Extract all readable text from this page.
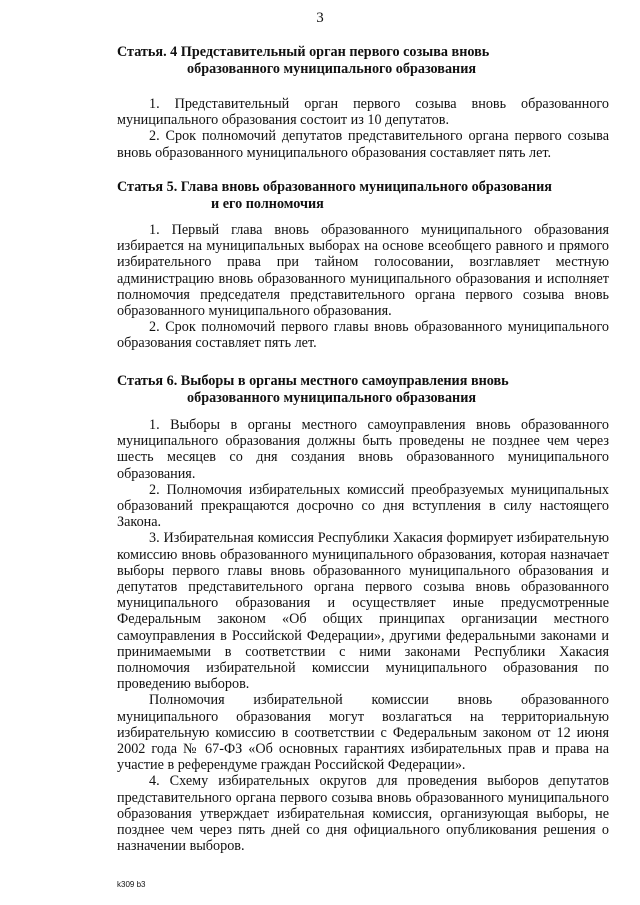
3

Статья. 4 Представительный орган первого созыва вновь
образованного муниципального образования

1. Представительный орган первого созыва вновь образованного муниципального образования состоит из 10 депутатов.

2. Срок полномочий депутатов представительного органа первого созыва вновь образованного муниципального образования составляет пять лет.

Статья 5. Глава вновь образованного муниципального образования
и его полномочия

1. Первый глава вновь образованного муниципального образования избирается на муниципальных выборах на основе всеобщего равного и прямого избирательного права при тайном голосовании, возглавляет местную администрацию вновь образованного муниципального образования и исполняет полномочия председателя представительного органа первого созыва вновь образованного муниципального образования.

2. Срок полномочий первого главы вновь образованного муниципального образования составляет пять лет.

Статья 6. Выборы в органы местного самоуправления вновь
образованного муниципального образования

1. Выборы в органы местного самоуправления вновь образованного муниципального образования должны быть проведены не позднее чем через шесть месяцев со дня создания вновь образованного муниципального образования.

2. Полномочия избирательных комиссий преобразуемых муниципальных образований прекращаются досрочно со дня вступления в силу настоящего Закона.

3. Избирательная комиссия Республики Хакасия формирует избирательную комиссию вновь образованного муниципального образования, которая назначает выборы первого главы вновь образованного муниципального образования и депутатов представительного органа первого созыва вновь образованного муниципального образования и осуществляет иные предусмотренные Федеральным законом «Об общих принципах организации местного самоуправления в Российской Федерации», другими федеральными законами и принимаемыми в соответствии с ними законами Республики Хакасия полномочия избирательной комиссии муниципального образования по проведению выборов.

Полномочия избирательной комиссии вновь образованного муниципального образования могут возлагаться на территориальную избирательную комиссию в соответствии с Федеральным законом от 12 июня 2002 года № 67-ФЗ «Об основных гарантиях избирательных прав и права на участие в референдуме граждан Российской Федерации».

4. Схему избирательных округов для проведения выборов депутатов представительного органа первого созыва вновь образованного муниципального образования утверждает избирательная комиссия, организующая выборы, не позднее чем через пять дней со дня официального опубликования решения о назначении выборов.

k309 b3
